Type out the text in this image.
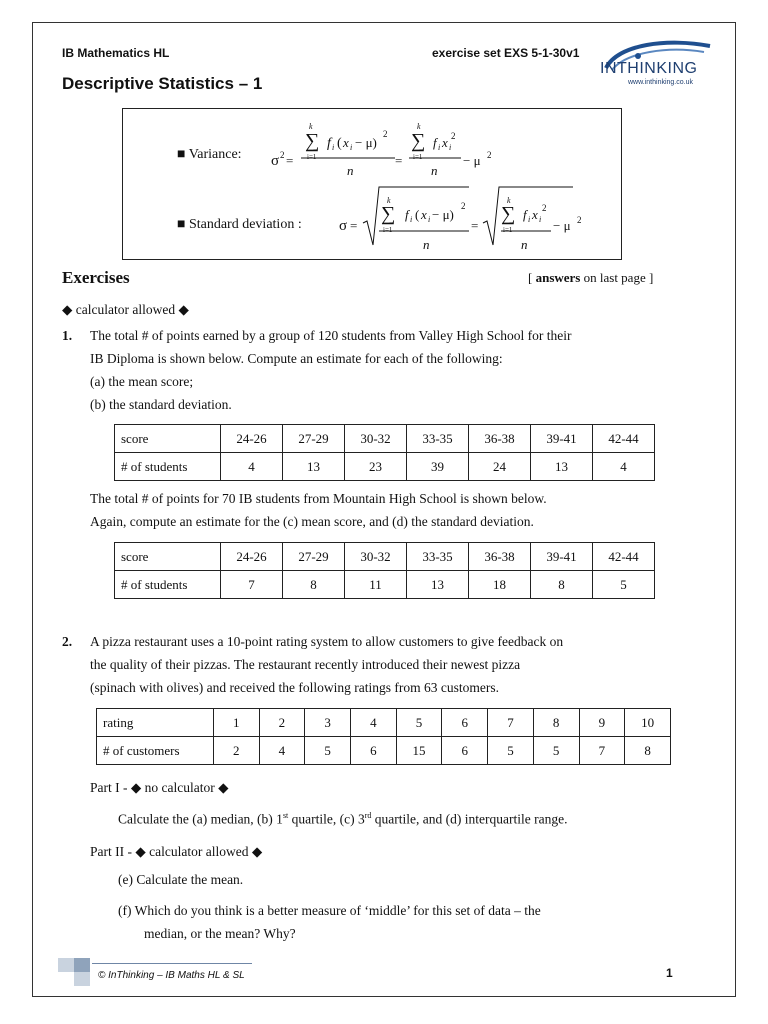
IB Mathematics HL	exercise set EXS 5-1-30v1
INTHINKING
www.inthinking.co.uk
Descriptive Statistics – 1
■ Variance:
■ Standard deviation :
σ 2 =
k
∑
i=1
f i ( x i − μ)
2
n
=
k
∑
i=1
f i x i
2
n
− μ 2
σ =
k
∑
i=1
f i ( x i − μ)
2
n
=
k
∑
i=1
f i x i
2
n
− μ 2
Exercises	[ answers on last page ]
◆ calculator allowed ◆
1. The total # of points earned by a group of 120 students from Valley High School for their
IB Diploma is shown below. Compute an estimate for each of the following:
(a) the mean score;
(b) the standard deviation.
score	24-26	27-29	30-32	33-35	36-38	39-41	42-44
# of students	4	13	23	39	24	13	4
The total # of points for 70 IB students from Mountain High School is shown below.
Again, compute an estimate for the (c) mean score, and (d) the standard deviation.
score	24-26	27-29	30-32	33-35	36-38	39-41	42-44
# of students	7	8	11	13	18	8	5
2. A pizza restaurant uses a 10-point rating system to allow customers to give feedback on
the quality of their pizzas. The restaurant recently introduced their newest pizza
(spinach with olives) and received the following ratings from 63 customers.
rating	1	2	3	4	5	6	7	8	9	10
# of customers	2	4	5	6	15	6	5	5	7	8
Part I - ◆ no calculator ◆
Calculate the (a) median, (b) 1st quartile, (c) 3rd quartile, and (d) interquartile range.
Part II - ◆ calculator allowed ◆
(e) Calculate the mean.
(f) Which do you think is a better measure of ‘middle’ for this set of data – the
median, or the mean? Why?
© InThinking – IB Maths HL & SL	1
